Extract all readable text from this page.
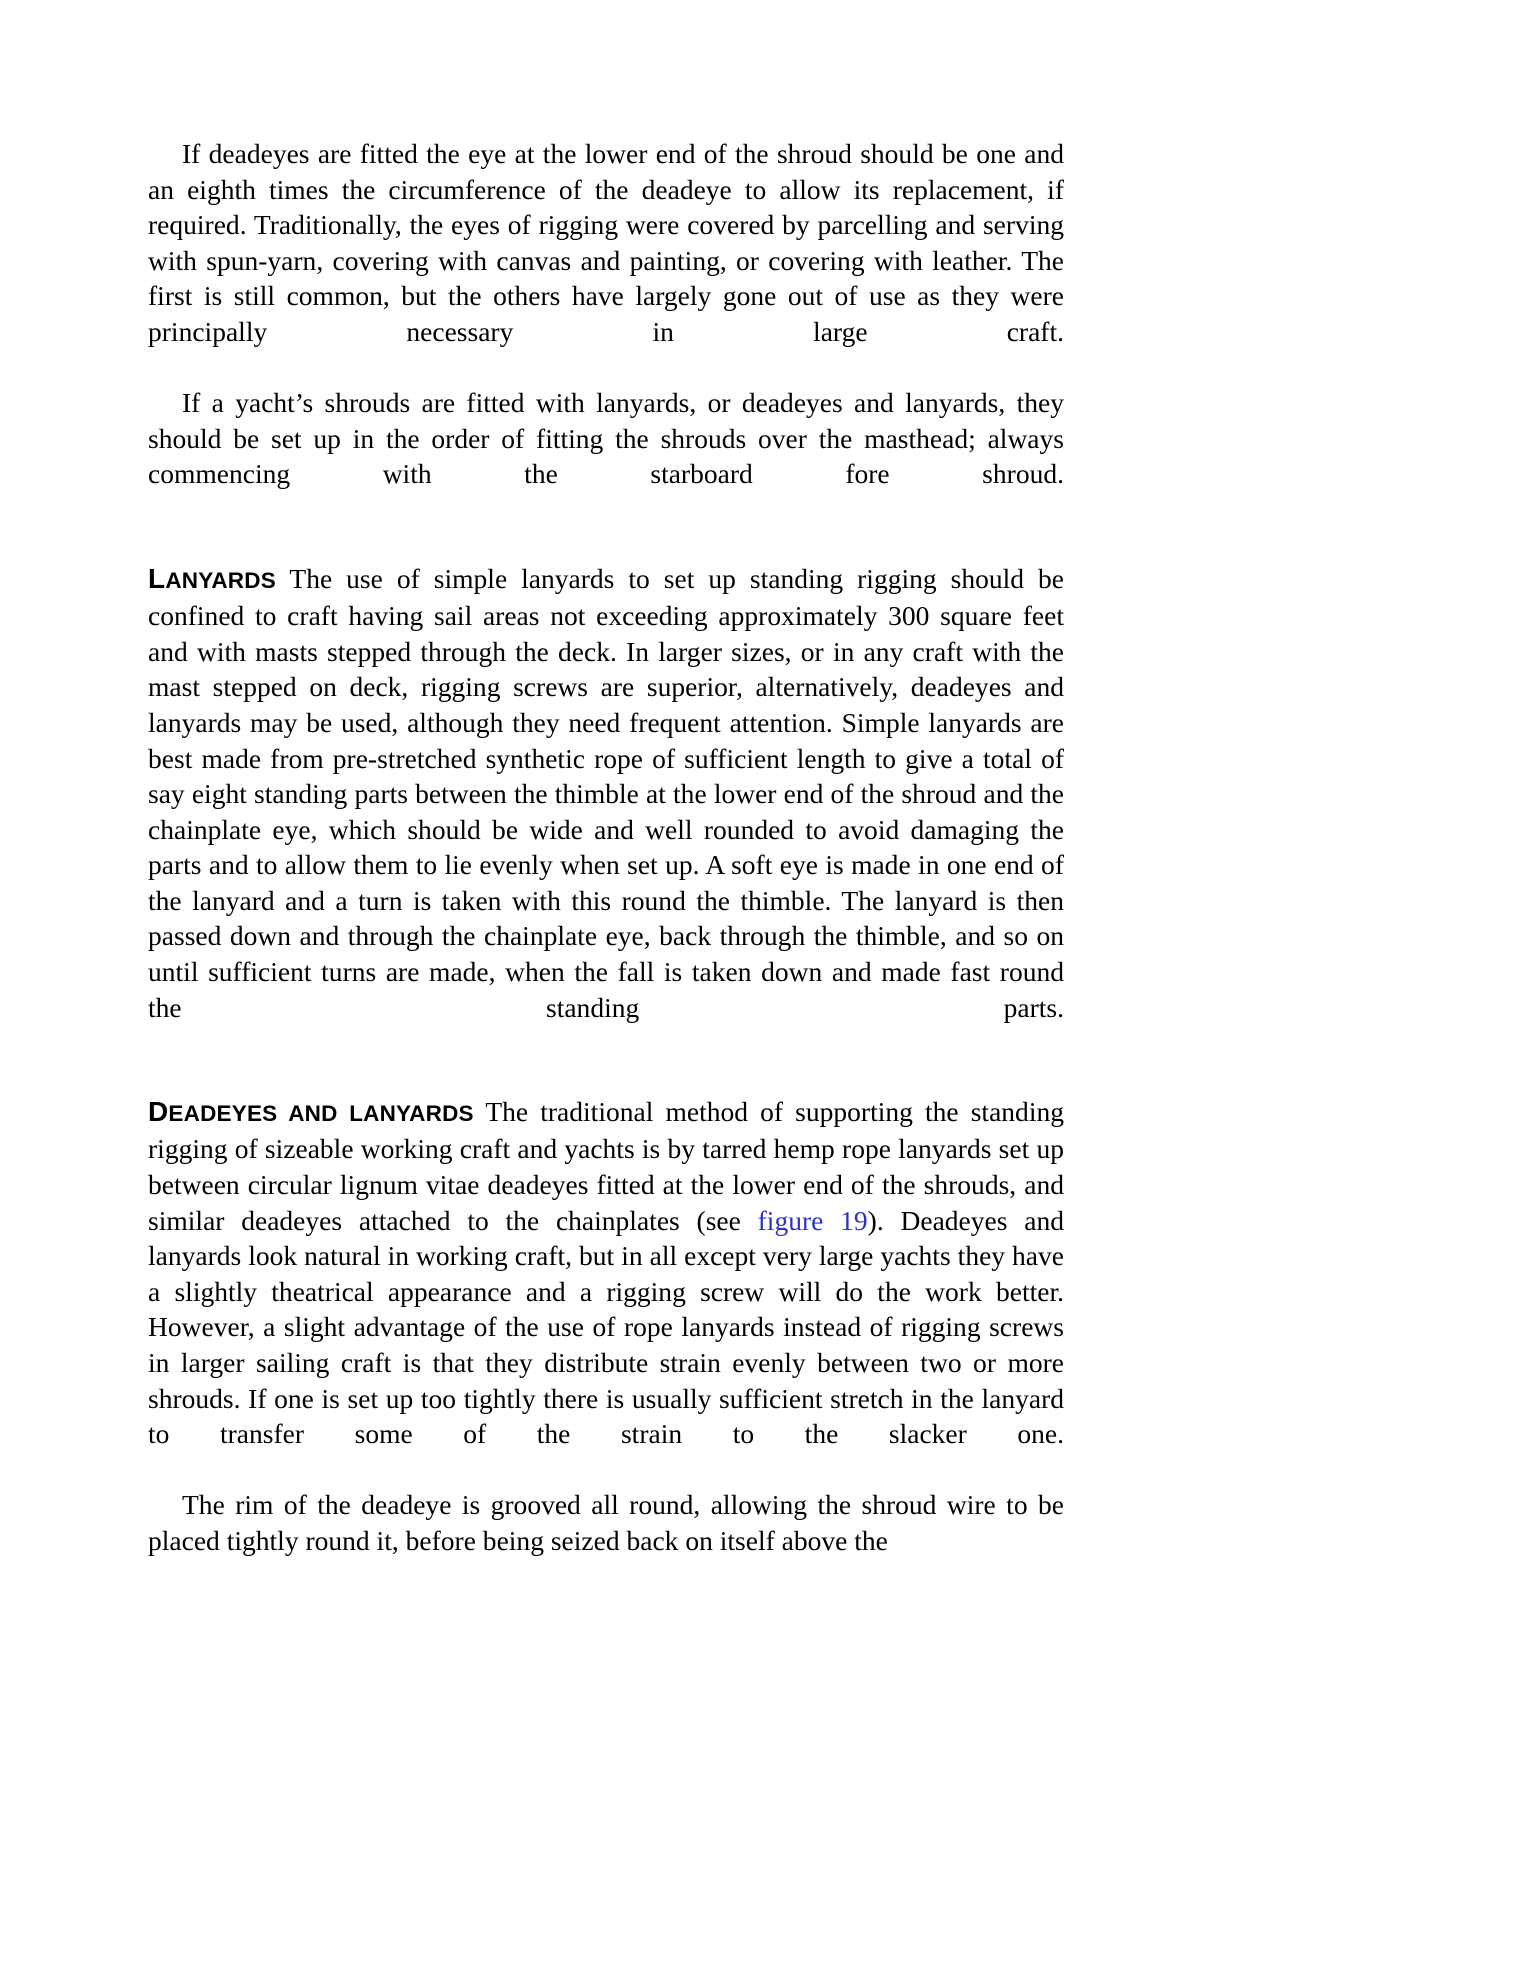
If deadeyes are fitted the eye at the lower end of the shroud should be one and an eighth times the circumference of the deadeye to allow its replacement, if required. Traditionally, the eyes of rigging were covered by parcelling and serving with spun-yarn, covering with canvas and painting, or covering with leather. The first is still common, but the others have largely gone out of use as they were principally necessary in large craft.

If a yacht’s shrouds are fitted with lanyards, or deadeyes and lanyards, they should be set up in the order of fitting the shrouds over the masthead; always commencing with the starboard fore shroud.

LANYARDS The use of simple lanyards to set up standing rigging should be confined to craft having sail areas not exceeding approximately 300 square feet and with masts stepped through the deck. In larger sizes, or in any craft with the mast stepped on deck, rigging screws are superior, alternatively, deadeyes and lanyards may be used, although they need frequent attention. Simple lanyards are best made from pre-stretched synthetic rope of sufficient length to give a total of say eight standing parts between the thimble at the lower end of the shroud and the chainplate eye, which should be wide and well rounded to avoid damaging the parts and to allow them to lie evenly when set up. A soft eye is made in one end of the lanyard and a turn is taken with this round the thimble. The lanyard is then passed down and through the chainplate eye, back through the thimble, and so on until sufficient turns are made, when the fall is taken down and made fast round the standing parts.

DEADEYES AND LANYARDS The traditional method of supporting the standing rigging of sizeable working craft and yachts is by tarred hemp rope lanyards set up between circular lignum vitae deadeyes fitted at the lower end of the shrouds, and similar deadeyes attached to the chainplates (see figure 19). Deadeyes and lanyards look natural in working craft, but in all except very large yachts they have a slightly theatrical appearance and a rigging screw will do the work better. However, a slight advantage of the use of rope lanyards instead of rigging screws in larger sailing craft is that they distribute strain evenly between two or more shrouds. If one is set up too tightly there is usually sufficient stretch in the lanyard to transfer some of the strain to the slacker one.

The rim of the deadeye is grooved all round, allowing the shroud wire to be placed tightly round it, before being seized back on itself above the
